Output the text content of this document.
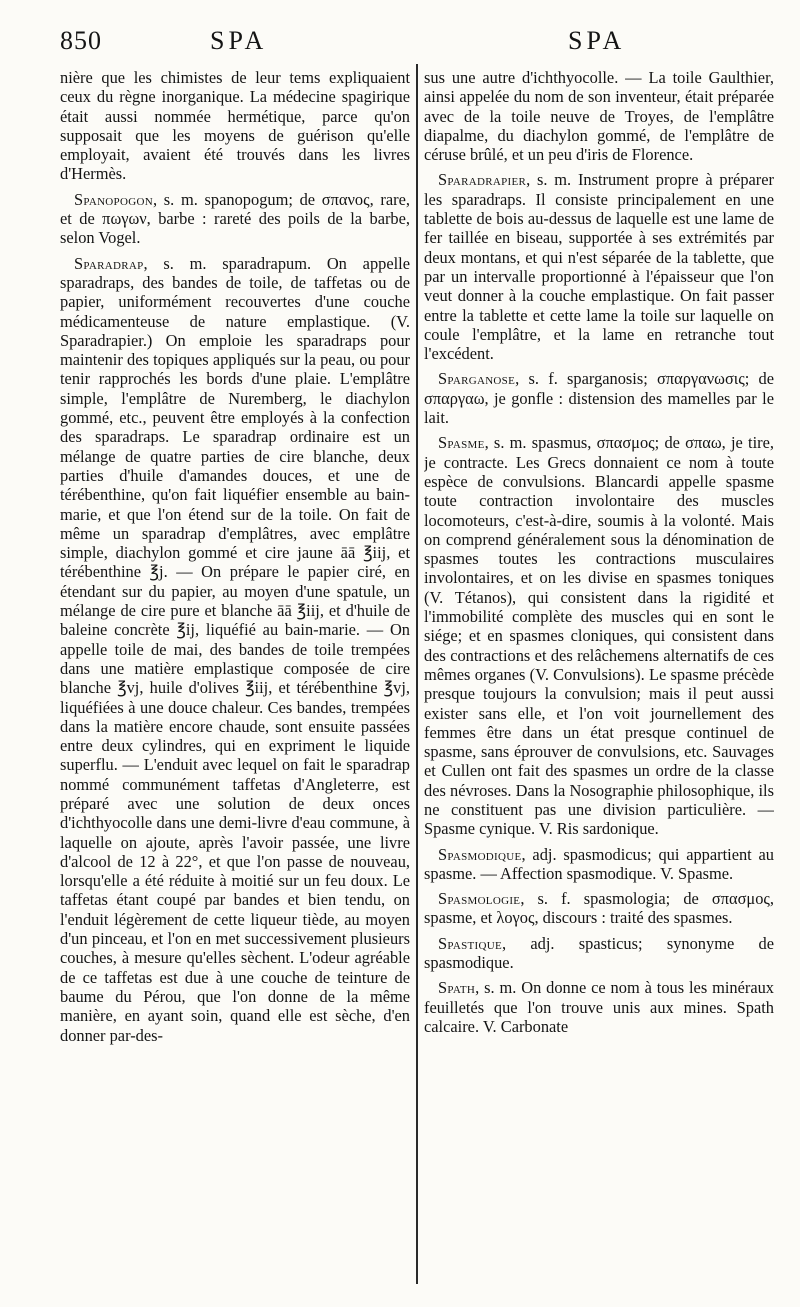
850	SPA	SPA

nière que les chimistes de leur tems expliquaient ceux du règne inorganique. La médecine spagirique était aussi nommée hermétique, parce qu'on supposait que les moyens de guérison qu'elle employait, avaient été trouvés dans les livres d'Hermès.

Spanopogon, s. m. spanopogum; de σπανος, rare, et de πωγων, barbe : rareté des poils de la barbe, selon Vogel.

Sparadrap, s. m. sparadrapum. On appelle sparadraps, des bandes de toile, de taffetas ou de papier, uniformément recouvertes d'une couche médicamenteuse de nature emplastique. (V. Sparadrapier.) On emploie les sparadraps pour maintenir des topiques appliqués sur la peau, ou pour tenir rapprochés les bords d'une plaie. L'emplâtre simple, l'emplâtre de Nuremberg, le diachylon gommé, etc., peuvent être employés à la confection des sparadraps. Le sparadrap ordinaire est un mélange de quatre parties de cire blanche, deux parties d'huile d'amandes douces, et une de térébenthine, qu'on fait liquéfier ensemble au bain-marie, et que l'on étend sur de la toile. On fait de même un sparadrap d'emplâtres, avec emplâtre simple, diachylon gommé et cire jaune āā ℥iij, et térébenthine ℥j. — On prépare le papier ciré, en étendant sur du papier, au moyen d'une spatule, un mélange de cire pure et blanche āā ℥iij, et d'huile de baleine concrète ℥ij, liquéfié au bain-marie. — On appelle toile de mai, des bandes de toile trempées dans une matière emplastique composée de cire blanche ℥vj, huile d'olives ℥iij, et térébenthine ℥vj, liquéfiées à une douce chaleur. Ces bandes, trempées dans la matière encore chaude, sont ensuite passées entre deux cylindres, qui en expriment le liquide superflu. — L'enduit avec lequel on fait le sparadrap nommé communément taffetas d'Angleterre, est préparé avec une solution de deux onces d'ichthyocolle dans une demi-livre d'eau commune, à laquelle on ajoute, après l'avoir passée, une livre d'alcool de 12 à 22°, et que l'on passe de nouveau, lorsqu'elle a été réduite à moitié sur un feu doux. Le taffetas étant coupé par bandes et bien tendu, on l'enduit légèrement de cette liqueur tiède, au moyen d'un pinceau, et l'on en met successivement plusieurs couches, à mesure qu'elles sèchent. L'odeur agréable de ce taffetas est due à une couche de teinture de baume du Pérou, que l'on donne de la même manière, en ayant soin, quand elle est sèche, d'en donner par-des-

sus une autre d'ichthyocolle. — La toile Gaulthier, ainsi appelée du nom de son inventeur, était préparée avec de la toile neuve de Troyes, de l'emplâtre diapalme, du diachylon gommé, de l'emplâtre de céruse brûlé, et un peu d'iris de Florence.

Sparadrapier, s. m. Instrument propre à préparer les sparadraps. Il consiste principalement en une tablette de bois au-dessus de laquelle est une lame de fer taillée en biseau, supportée à ses extrémités par deux montans, et qui n'est séparée de la tablette, que par un intervalle proportionné à l'épaisseur que l'on veut donner à la couche emplastique. On fait passer entre la tablette et cette lame la toile sur laquelle on coule l'emplâtre, et la lame en retranche tout l'excédent.

Sparganose, s. f. sparganosis; σπαργανωσις; de σπαργαω, je gonfle : distension des mamelles par le lait.

Spasme, s. m. spasmus, σπασμος; de σπαω, je tire, je contracte. Les Grecs donnaient ce nom à toute espèce de convulsions. Blancardi appelle spasme toute contraction involontaire des muscles locomoteurs, c'est-à-dire, soumis à la volonté. Mais on comprend généralement sous la dénomination de spasmes toutes les contractions musculaires involontaires, et on les divise en spasmes toniques (V. Tétanos), qui consistent dans la rigidité et l'immobilité complète des muscles qui en sont le siége; et en spasmes cloniques, qui consistent dans des contractions et des relâchemens alternatifs de ces mêmes organes (V. Convulsions). Le spasme précède presque toujours la convulsion; mais il peut aussi exister sans elle, et l'on voit journellement des femmes être dans un état presque continuel de spasme, sans éprouver de convulsions, etc. Sauvages et Cullen ont fait des spasmes un ordre de la classe des névroses. Dans la Nosographie philosophique, ils ne constituent pas une division particulière. — Spasme cynique. V. Ris sardonique.

Spasmodique, adj. spasmodicus; qui appartient au spasme. — Affection spasmodique. V. Spasme.

Spasmologie, s. f. spasmologia; de σπασμος, spasme, et λογος, discours : traité des spasmes.

Spastique, adj. spasticus; synonyme de spasmodique.

Spath, s. m. On donne ce nom à tous les minéraux feuilletés que l'on trouve unis aux mines. Spath calcaire. V. Carbonate
